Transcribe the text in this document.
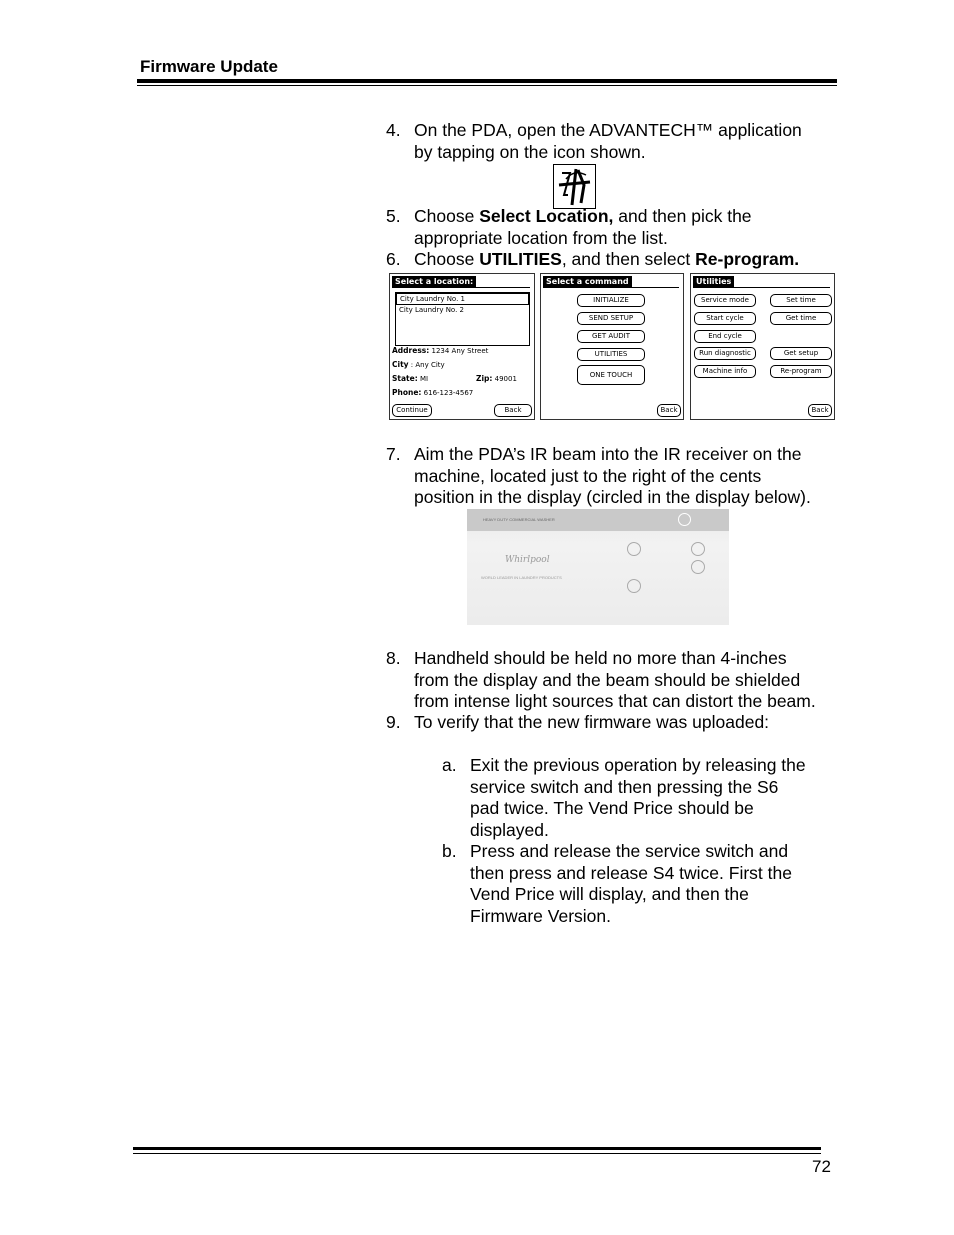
Firmware Update
4. On the PDA, open the ADVANTECH™ application
by tapping on the icon shown.
5. Choose Select Location, and then pick the
appropriate location from the list.
6. Choose UTILITIES, and then select Re-program.
Select a location:
City Laundry No. 1
City Laundry No. 2
Address: 1234 Any Street
City : Any City
State: MI	Zip: 49001
Phone: 616-123-4567
Continue	Back
Select a command
INITIALIZE
SEND SETUP
GET AUDIT
UTILITIES
ONE TOUCH
Back
Utilities
Service mode	Set time
Start cycle	Get time
End cycle
Run diagnostic	Get setup
Machine info	Re-program
Back
7. Aim the PDA’s IR beam into the IR receiver on the
machine, located just to the right of the cents
position in the display (circled in the display below).
HEAVY DUTY COMMERCIAL WASHER
Whirlpool
WORLD LEADER IN LAUNDRY PRODUCTS
8. Handheld should be held no more than 4-inches
from the display and the beam should be shielded
from intense light sources that can distort the beam.
9. To verify that the new firmware was uploaded:
a. Exit the previous operation by releasing the
service switch and then pressing the S6
pad twice. The Vend Price should be
displayed.
b. Press and release the service switch and
then press and release S4 twice. First the
Vend Price will display, and then the
Firmware Version.
72
